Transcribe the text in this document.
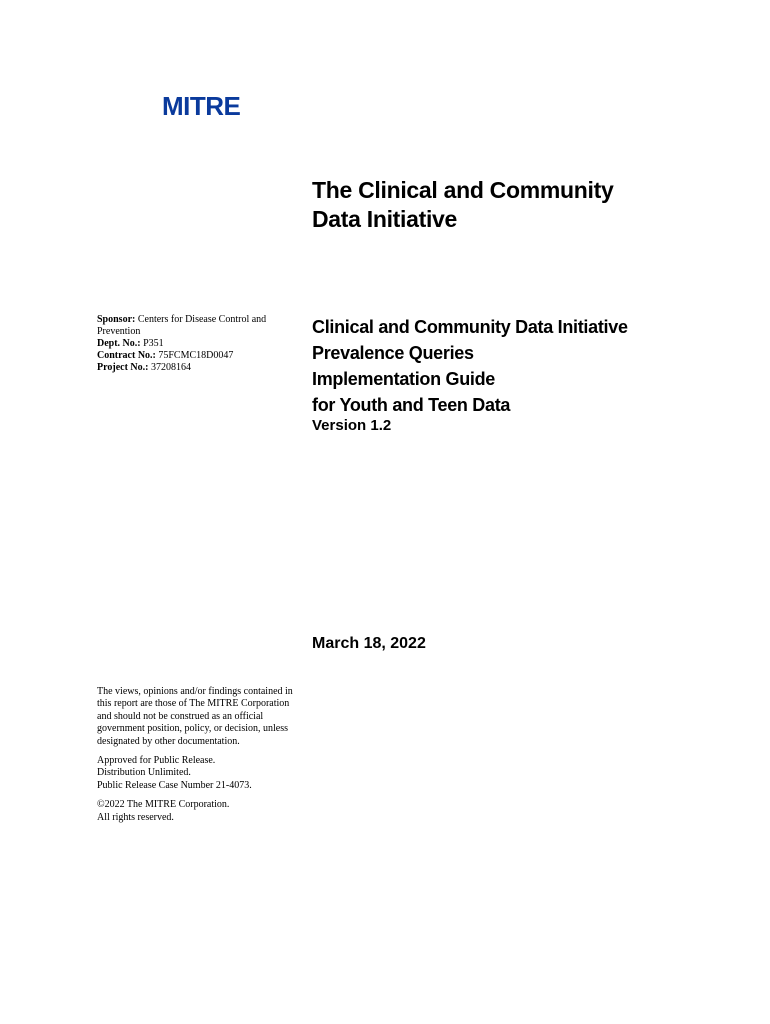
MITRE
The Clinical and Community
Data Initiative
Sponsor: Centers for Disease Control and
Prevention
Dept. No.: P351
Contract No.: 75FCMC18D0047
Project No.: 37208164
Clinical and Community Data Initiative
Prevalence Queries
Implementation Guide
for Youth and Teen Data
Version 1.2
March 18, 2022

The views, opinions and/or findings contained in
this report are those of The MITRE Corporation
and should not be construed as an official
government position, policy, or decision, unless
designated by other documentation.

Approved for Public Release.
Distribution Unlimited.
Public Release Case Number 21-4073.

©2022 The MITRE Corporation.
All rights reserved.
